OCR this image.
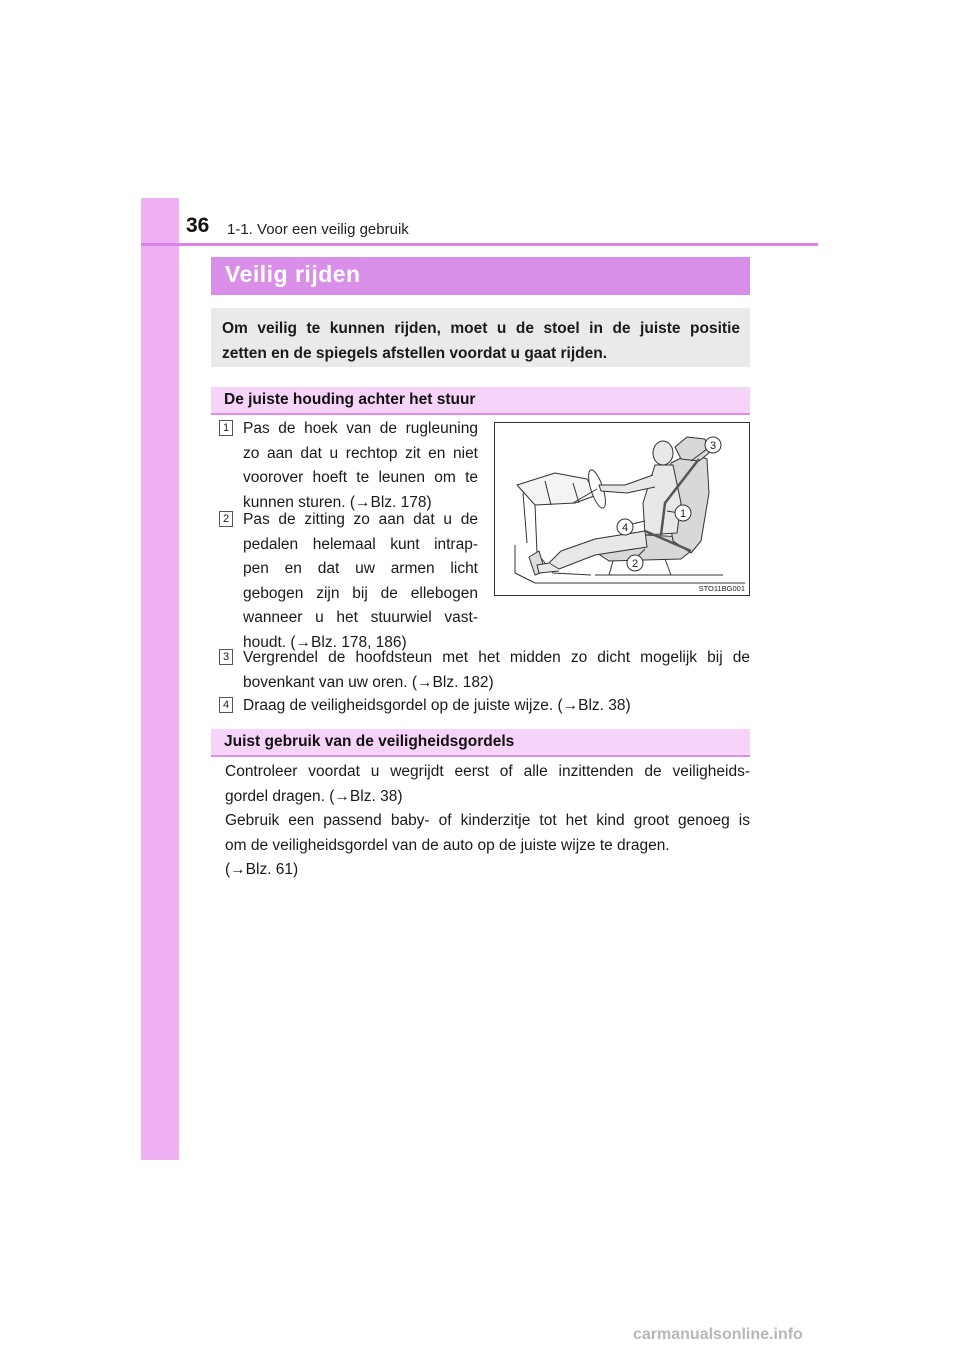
36 1-1. Voor een veilig gebruik
Veilig rijden
Om veilig te kunnen rijden, moet u de stoel in de juiste positie
zetten en de spiegels afstellen voordat u gaat rijden.
De juiste houding achter het stuur
1 Pas de hoek van de rugleuning
zo aan dat u rechtop zit en niet
voorover hoeft te leunen om te
kunnen sturen. (→Blz. 178)
2 Pas de zitting zo aan dat u de
pedalen helemaal kunt intrap-
pen en dat uw armen licht
gebogen zijn bij de ellebogen
wanneer u het stuurwiel vast-
houdt. (→Blz. 178, 186)
3
1
4
2
STO11BG001
3 Vergrendel de hoofdsteun met het midden zo dicht mogelijk bij de
bovenkant van uw oren. (→Blz. 182)
4 Draag de veiligheidsgordel op de juiste wijze. (→Blz. 38)
Juist gebruik van de veiligheidsgordels
Controleer voordat u wegrijdt eerst of alle inzittenden de veiligheids-
gordel dragen. (→Blz. 38)
Gebruik een passend baby- of kinderzitje tot het kind groot genoeg is
om de veiligheidsgordel van de auto op de juiste wijze te dragen.
(→Blz. 61)
carmanualsonline.info
